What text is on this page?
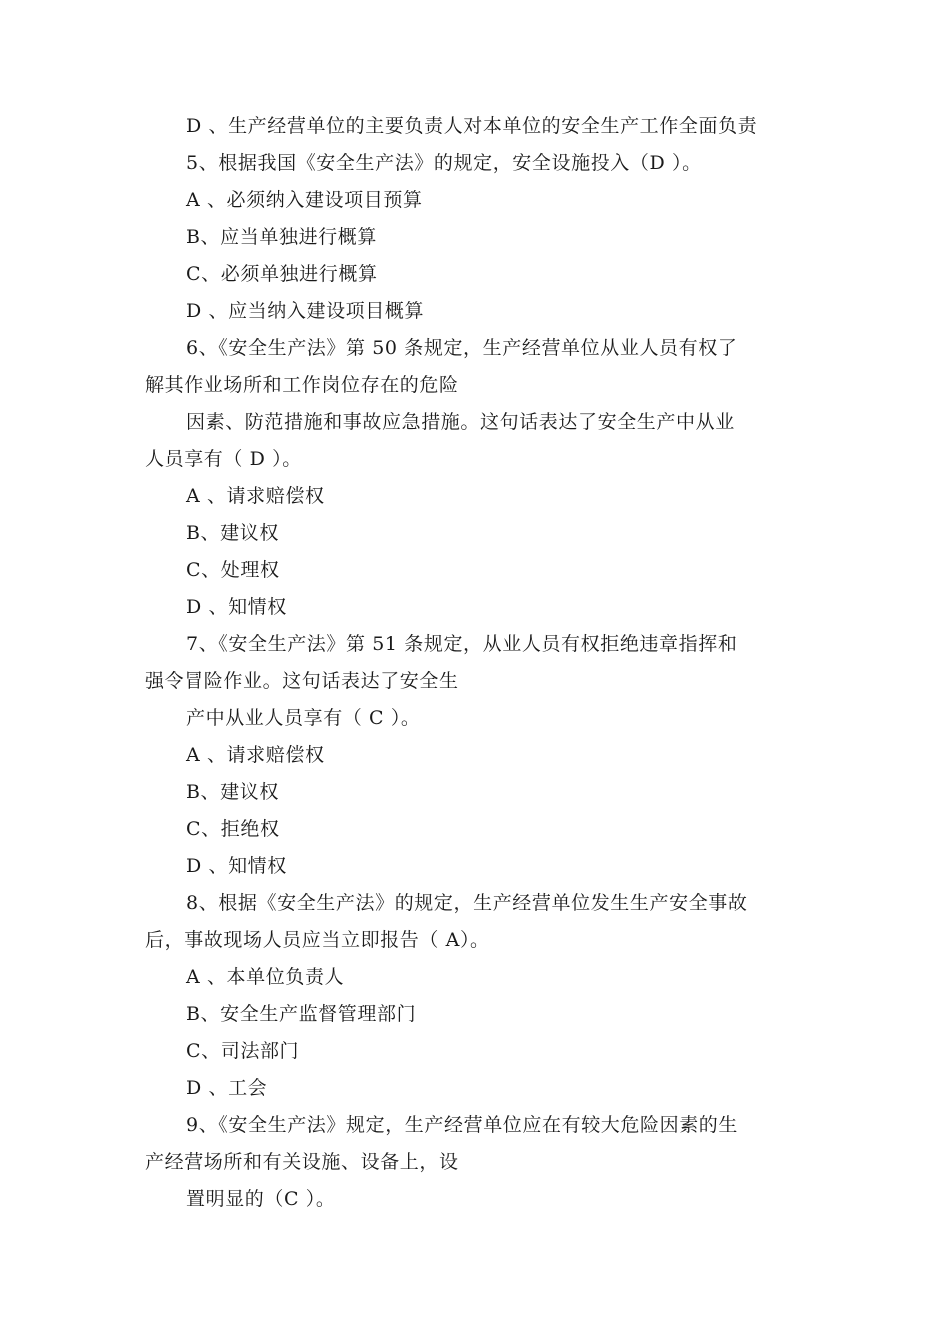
D 、生产经营单位的主要负责人对本单位的安全生产工作全面负责
5、根据我国《安全生产法》的规定，安全设施投入（D ）。
A 、必须纳入建设项目预算
B、应当单独进行概算
C、必须单独进行概算
D 、应当纳入建设项目概算
6、《安全生产法》第 50 条规定，生产经营单位从业人员有权了
解其作业场所和工作岗位存在的危险
因素、防范措施和事故应急措施。这句话表达了安全生产中从业
人员享有（ D ）。
A 、请求赔偿权
B、建议权
C、处理权
D 、知情权
7、《安全生产法》第 51 条规定，从业人员有权拒绝违章指挥和
强令冒险作业。这句话表达了安全生
产中从业人员享有（ C ）。
A 、请求赔偿权
B、建议权
C、拒绝权
D 、知情权
8、根据《安全生产法》的规定，生产经营单位发生生产安全事故
后，事故现场人员应当立即报告（ A）。
A 、本单位负责人
B、安全生产监督管理部门
C、司法部门
D 、工会
9、《安全生产法》规定，生产经营单位应在有较大危险因素的生
产经营场所和有关设施、设备上，设
置明显的（C ）。
